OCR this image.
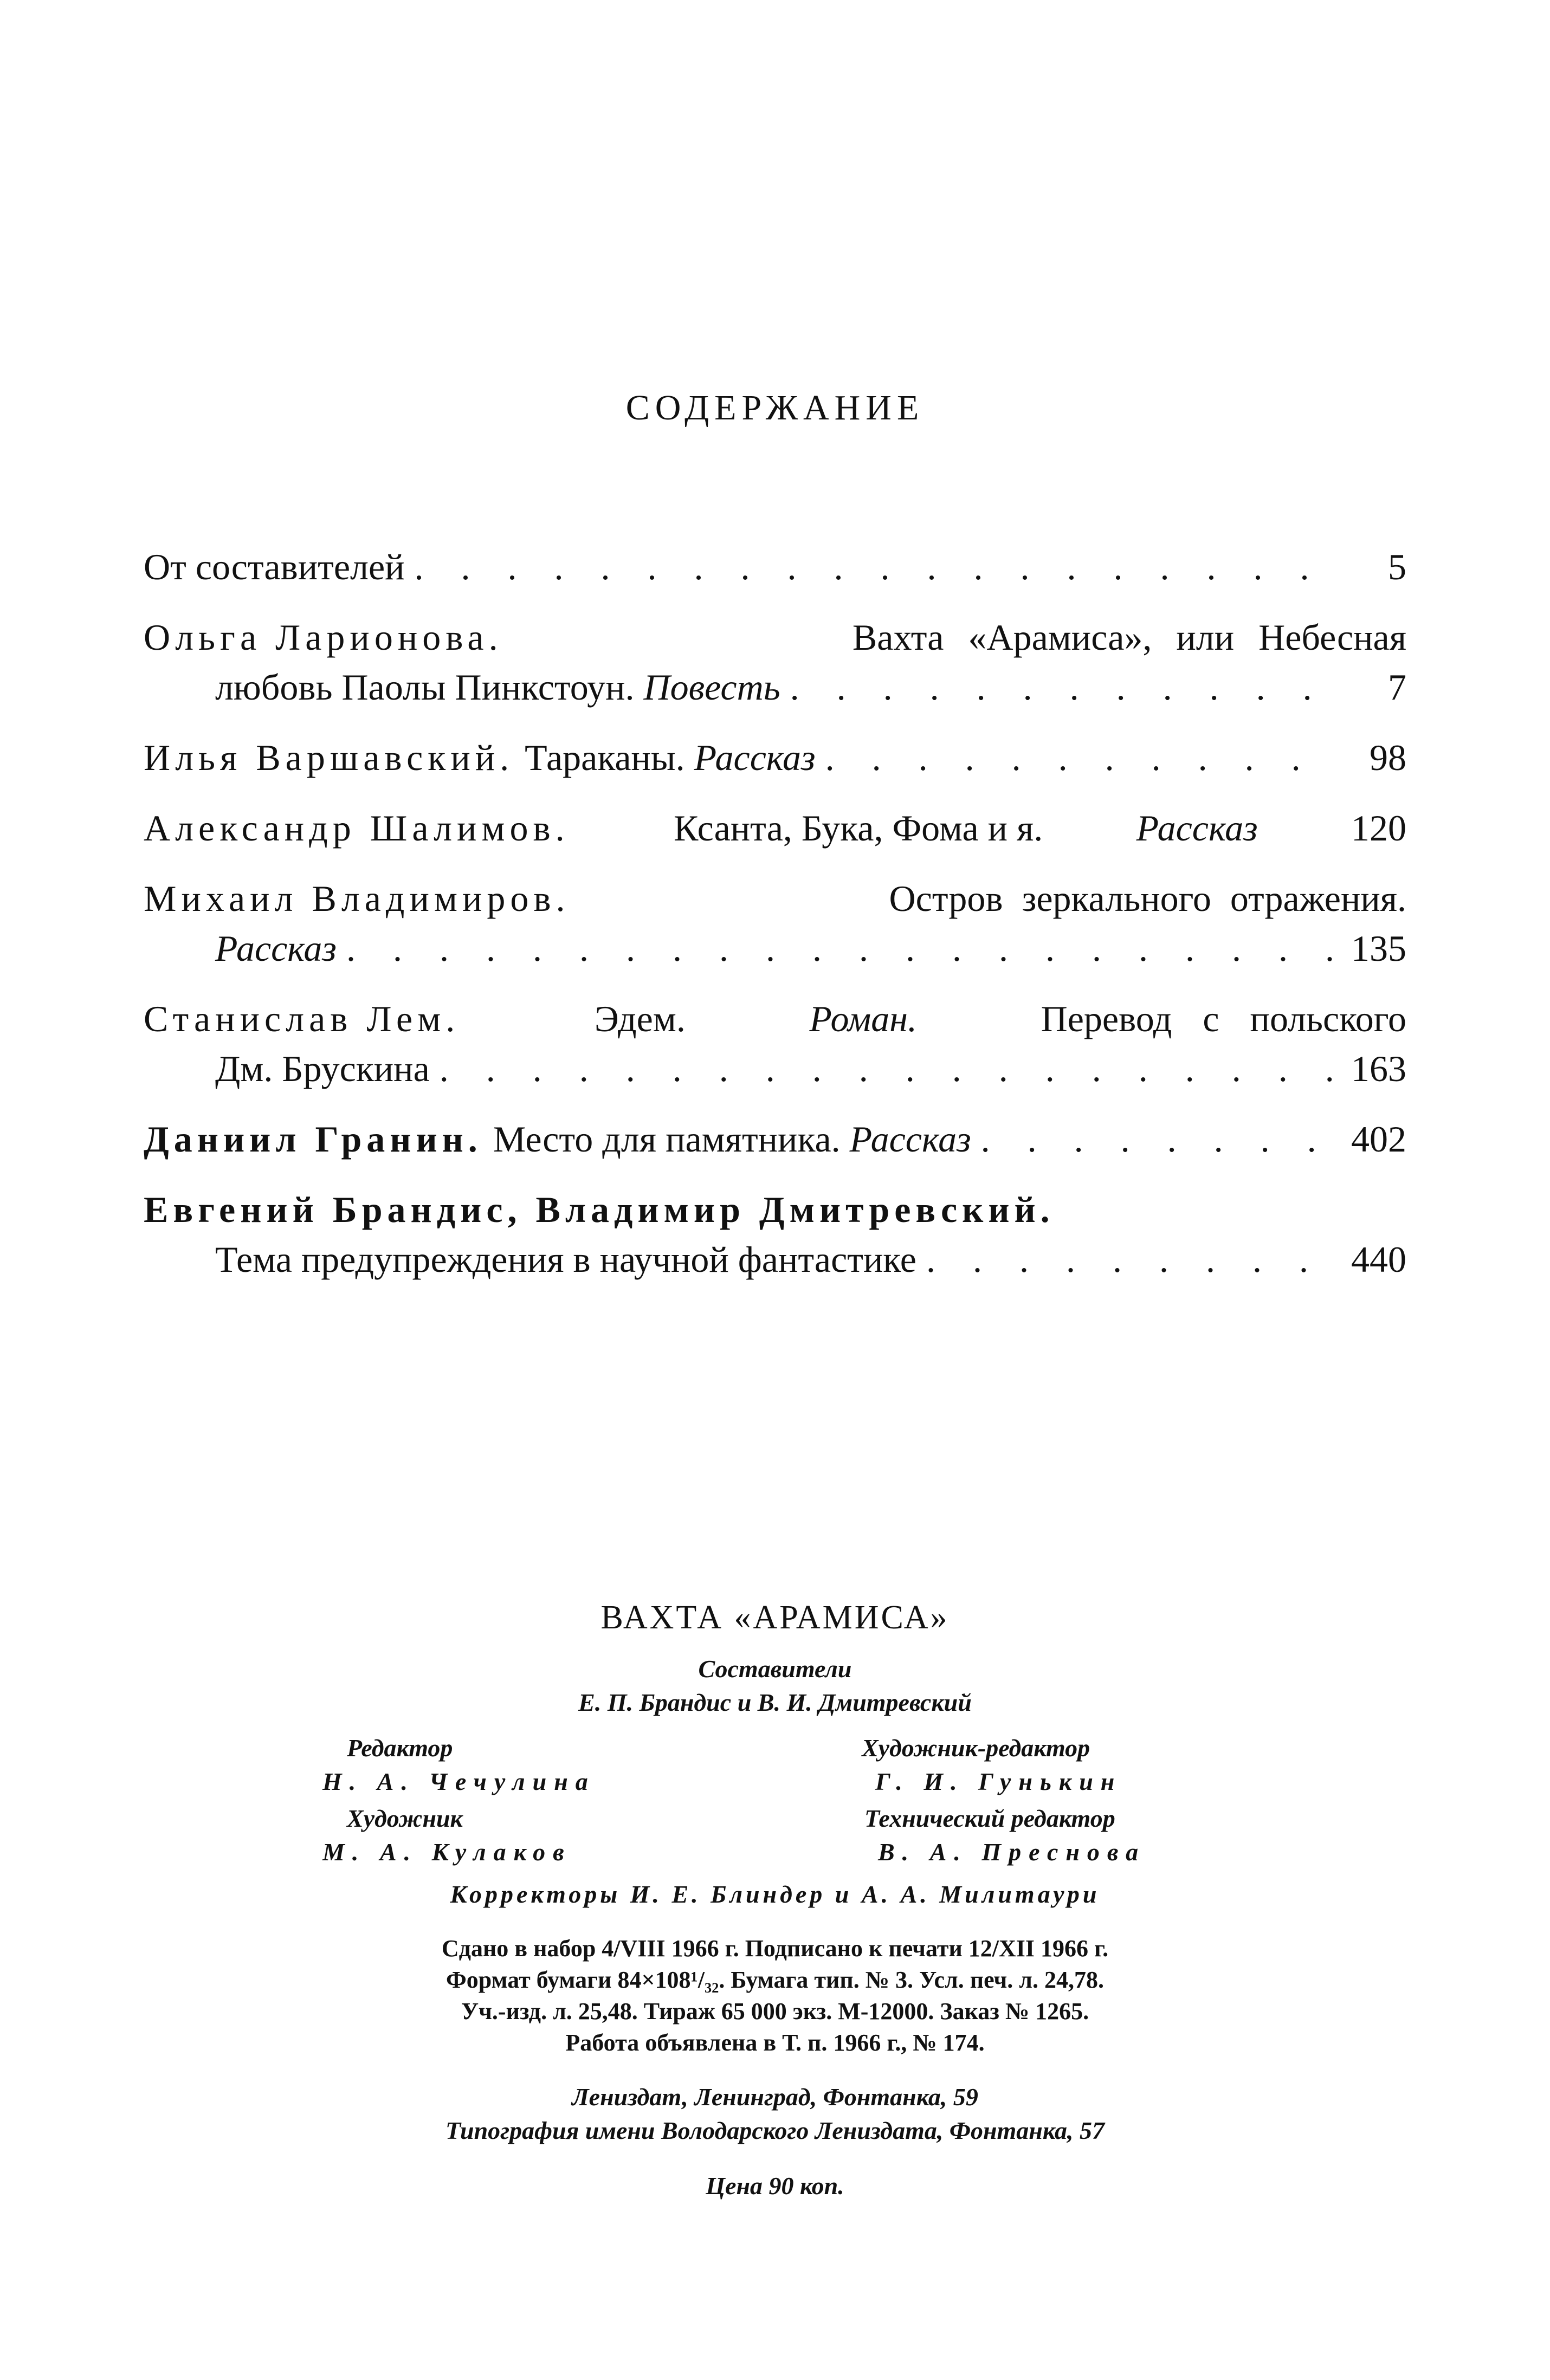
СОДЕРЖАНИЕ
От составителей . . .	5
Ольга Ларионова.	Вахта «Арамиса», или Небесная
любовь Паолы Пинкстоун.
Повесть . . .	7
Илья Варшавский. Тараканы.
Рассказ . . .	98
Александр Шалимов.	Ксанта, Бука, Фома и я.	Рассказ	120
Михаил Владимиров.	Остров зеркального отражения.
Рассказ . . .	135
Станислав Лем.	Эдем.	Роман.	Перевод с польского
Дм. Брускина . . .	163
Даниил Гранин. Место для памятника.
Рассказ . . .	402
Евгений Брандис, Владимир Дмитревский.
Тема предупреждения в научной фантастике . . .	440
ВАХТА «АРАМИСА»
Составители
Е. П. Брандис и В. И. Дмитревский
Редактор
Н. А. Чечулина
Художник
М. А. Кулаков
Художник-редактор
Г. И. Гунькин
Технический редактор
В. А. Преснова
Корректоры И. Е. Блиндер и А. А. Милитаури
Сдано в набор 4/VIII 1966 г. Подписано к печати 12/XII 1966 г.
Формат бумаги 84×108¹/₃₂. Бумага тип. № 3. Усл. печ. л. 24,78.
Уч.-изд. л. 25,48. Тираж 65 000 экз. М-12000. Заказ № 1265.
Работа объявлена в Т. п. 1966 г., № 174.
Лениздат, Ленинград, Фонтанка, 59
Типография имени Володарского Лениздата, Фонтанка, 57
Цена 90 коп.
